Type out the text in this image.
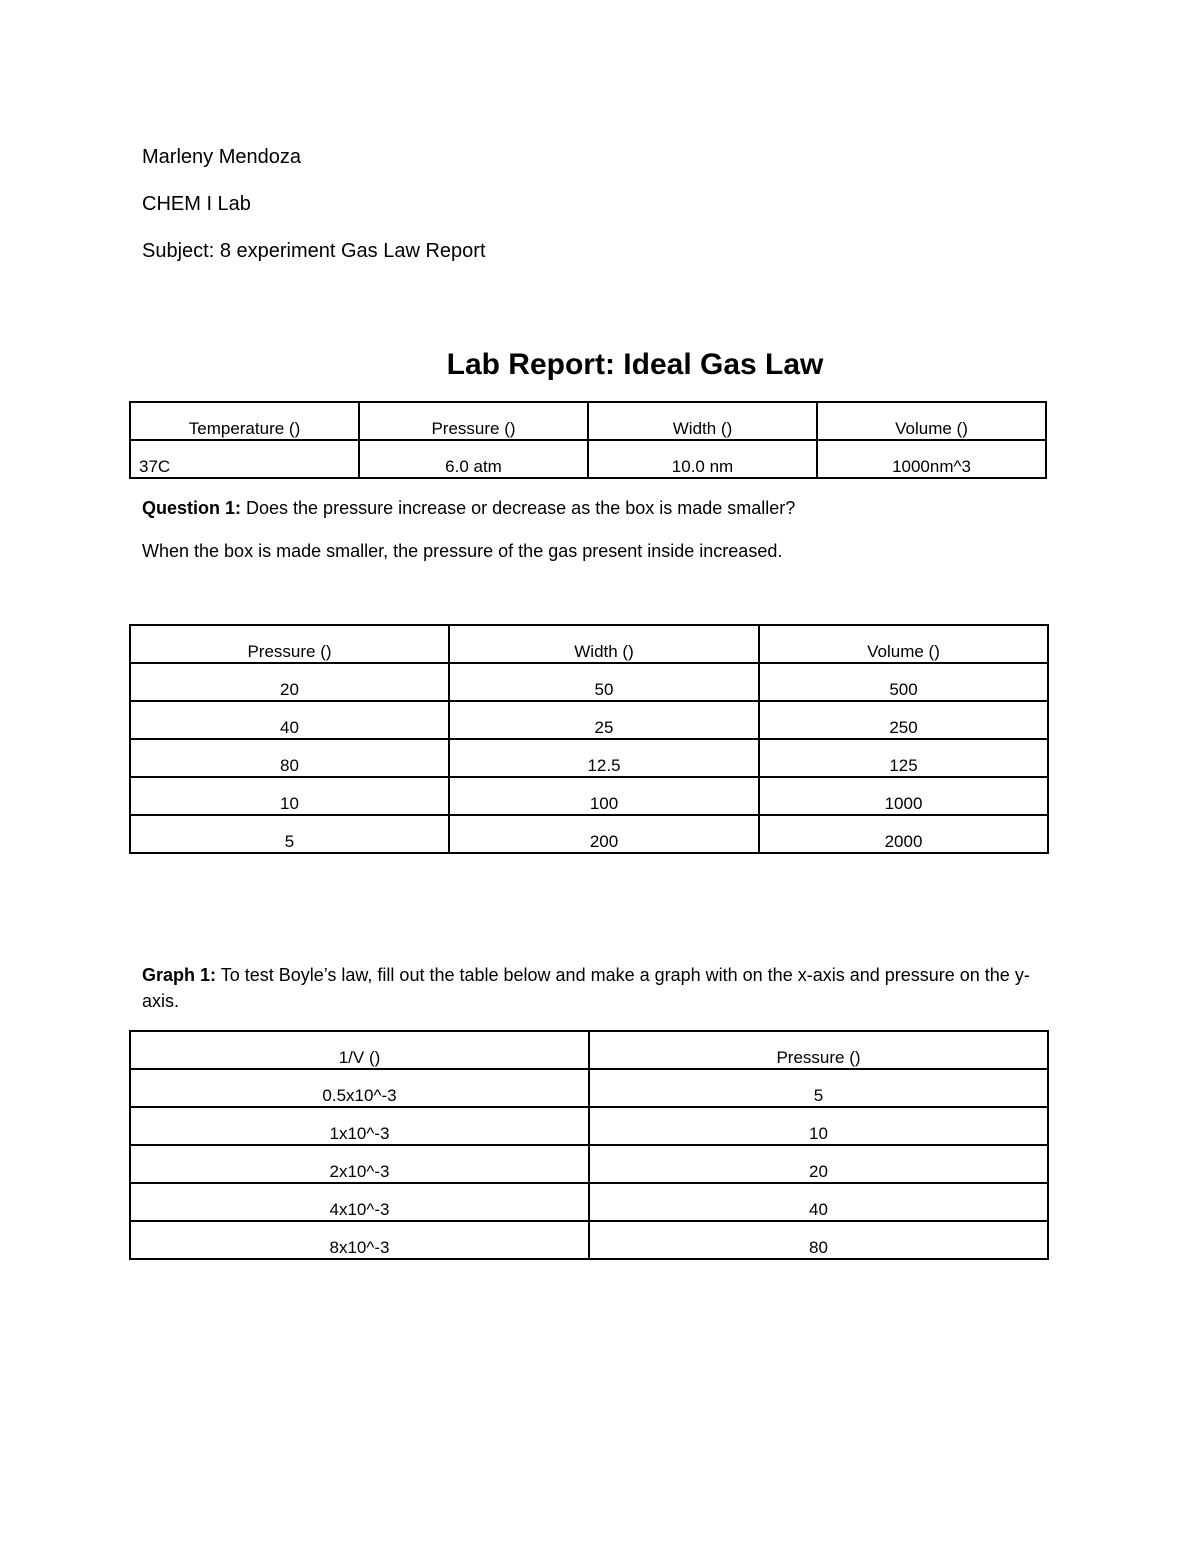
Marleny Mendoza
CHEM I Lab
Subject: 8 experiment Gas Law Report
Lab Report: Ideal Gas Law
Temperature ()	Pressure ()	Width ()	Volume ()
37C	6.0 atm	10.0 nm	1000nm^3
Question 1: Does the pressure increase or decrease as the box is made smaller?
When the box is made smaller, the pressure of the gas present inside increased.
Pressure ()	Width ()	Volume ()
20	50	500
40	25	250
80	12.5	125
10	100	1000
5	200	2000
Graph 1: To test Boyle’s law, fill out the table below and make a graph with on the x-axis and pressure on the y-axis.
1/V ()	Pressure ()
0.5x10^-3	5
1x10^-3	10
2x10^-3	20
4x10^-3	40
8x10^-3	80
